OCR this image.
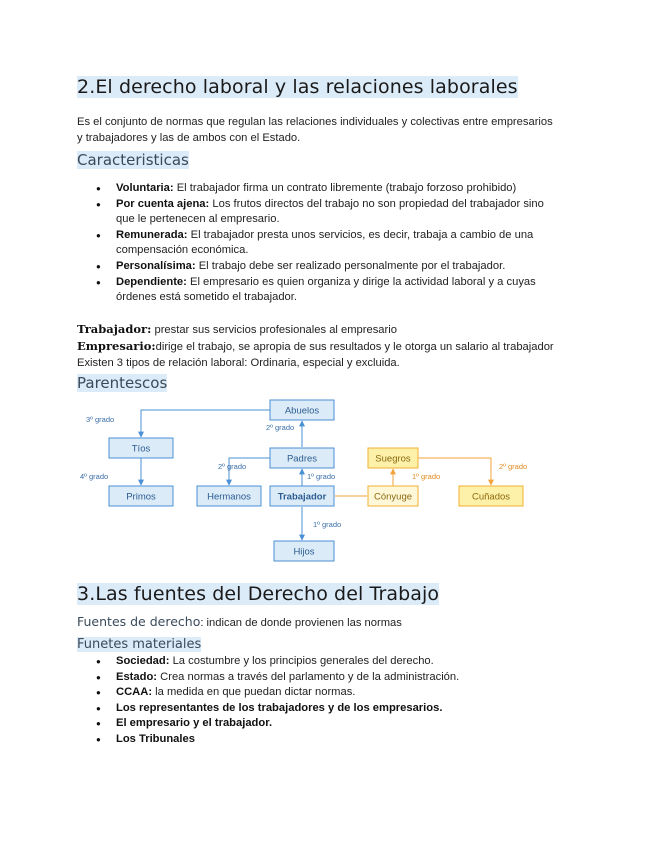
2.El derecho laboral y las relaciones laborales

Es el conjunto de normas que regulan las relaciones individuales y colectivas entre empresarios

y trabajadores y las de ambos con el Estado.

Caracteristicas
● Voluntaria: El trabajador firma un contrato libremente (trabajo forzoso prohibido)
● Por cuenta ajena: Los frutos directos del trabajo no son propiedad del trabajador sino
que le pertenecen al empresario.
● Remunerada: El trabajador presta unos servicios, es decir, trabaja a cambio de una
compensación económica.
● Personalísima: El trabajo debe ser realizado personalmente por el trabajador.
● Dependiente: El empresario es quien organiza y dirige la actividad laboral y a cuyas
órdenes está sometido el trabajador.

Trabajador: prestar sus servicios profesionales al empresario

Empresario:dirige el trabajo, se apropia de sus resultados y le otorga un salario al trabajador

Existen 3 tipos de relación laboral: Ordinaria, especial y excluida.

Parentescos
Abuelos
Tíos
Padres
Primos	Hermanos	Trabajador
Hijos
Suegros
Cónyuge	Cuñados
3º grado
2º grado
4º grado
2º grado
1º grado	1º grado
2º grado
1º grado
3.Las fuentes del Derecho del Trabajo
Fuentes de derecho: indican de donde provienen las normas
Funetes materiales
● Sociedad: La costumbre y los principios generales del derecho.
● Estado: Crea normas a través del parlamento y de la administración.
● CCAA: la medida en que puedan dictar normas.
● Los representantes de los trabajadores y de los empresarios.
● El empresario y el trabajador.
● Los Tribunales
